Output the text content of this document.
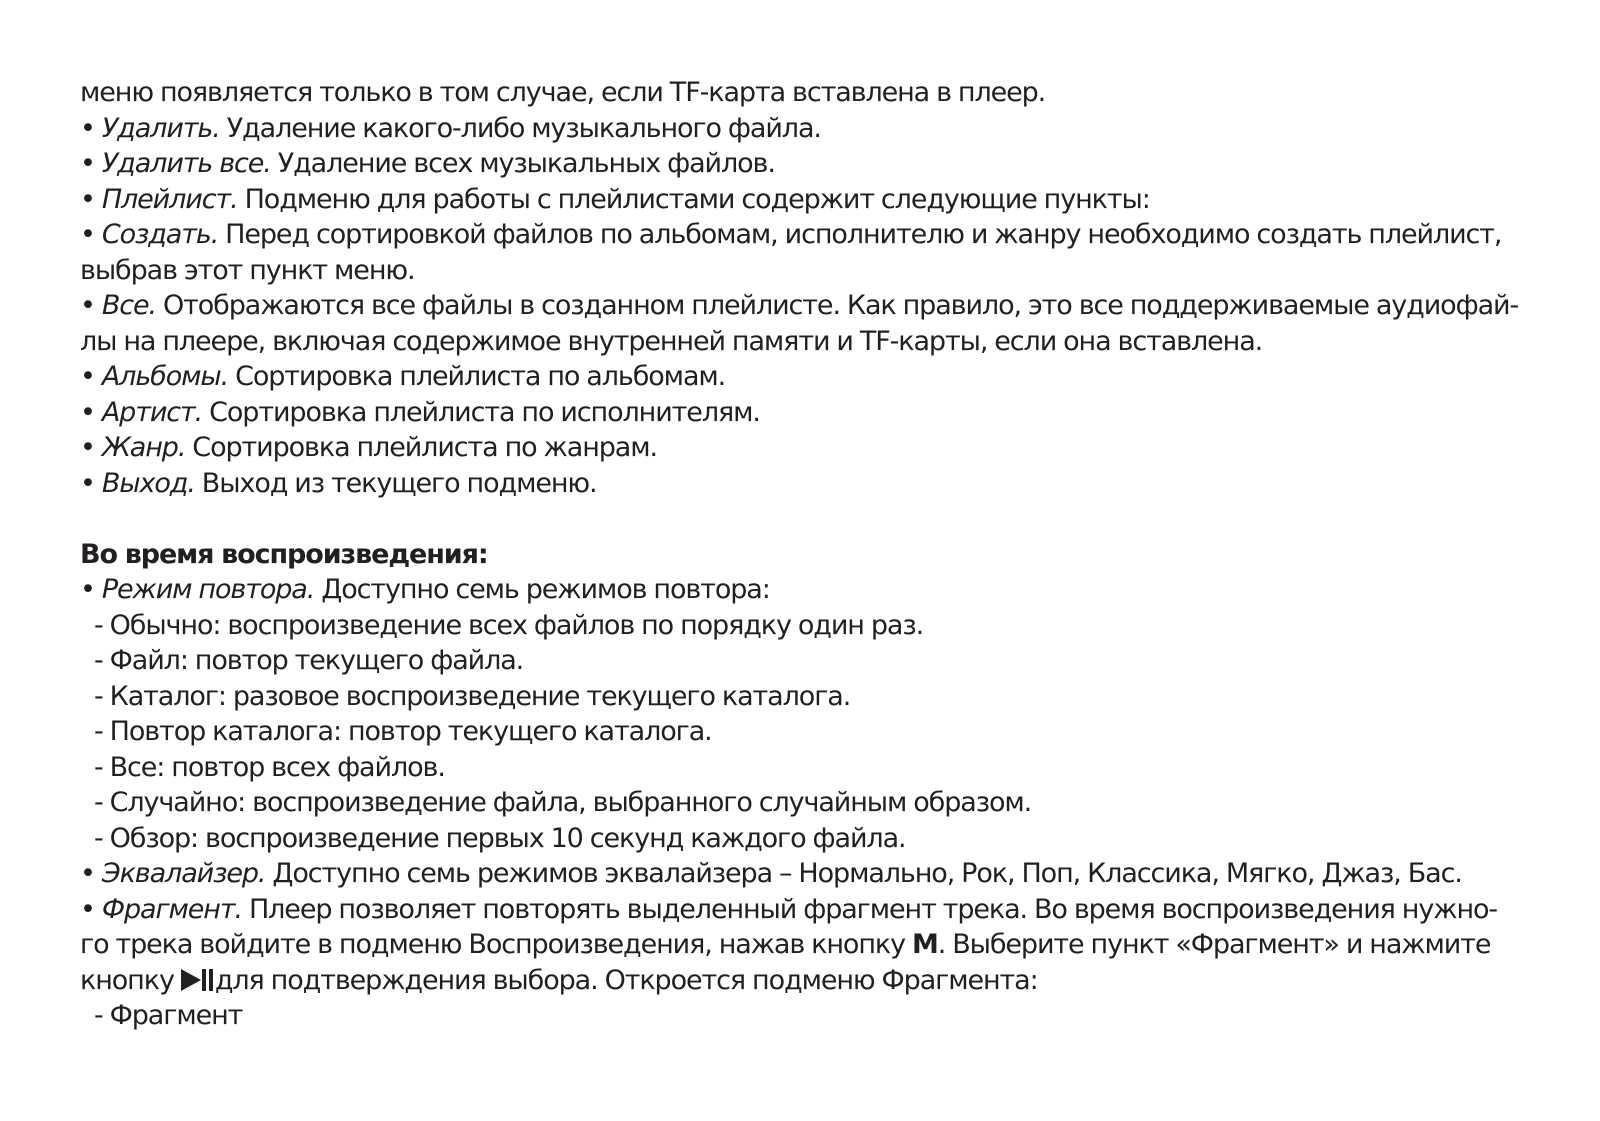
меню появляется только в том случае, если TF-карта вставлена в плеер.
• Удалить. Удаление какого-либо музыкального файла.
• Удалить все. Удаление всех музыкальных файлов.
• Плейлист. Подменю для работы с плейлистами содержит следующие пункты:
• Создать. Перед сортировкой файлов по альбомам, исполнителю и жанру необходимо создать плейлист,
выбрав этот пункт меню.
• Все. Отображаются все файлы в созданном плейлисте. Как правило, это все поддерживаемые аудиофай-
лы на плеере, включая содержимое внутренней памяти и TF-карты, если она вставлена.
• Альбомы. Сортировка плейлиста по альбомам.
• Артист. Сортировка плейлиста по исполнителям.
• Жанр. Сортировка плейлиста по жанрам.
• Выход. Выход из текущего подменю.
Во время воспроизведения:
• Режим повтора. Доступно семь режимов повтора:
- Обычно: воспроизведение всех файлов по порядку один раз.
- Файл: повтор текущего файла.
- Каталог: разовое воспроизведение текущего каталога.
- Повтор каталога: повтор текущего каталога.
- Все: повтор всех файлов.
- Случайно: воспроизведение файла, выбранного случайным образом.
- Обзор: воспроизведение первых 10 секунд каждого файла.
• Эквалайзер. Доступно семь режимов эквалайзера – Нормально, Рок, Поп, Классика, Мягко, Джаз, Бас.
• Фрагмент. Плеер позволяет повторять выделенный фрагмент трека. Во время воспроизведения нужно-
го трека войдите в подменю Воспроизведения, нажав кнопку M. Выберите пункт «Фрагмент» и нажмите
кнопку
для подтверждения выбора. Откроется подменю Фрагмента:
- Фрагмент
